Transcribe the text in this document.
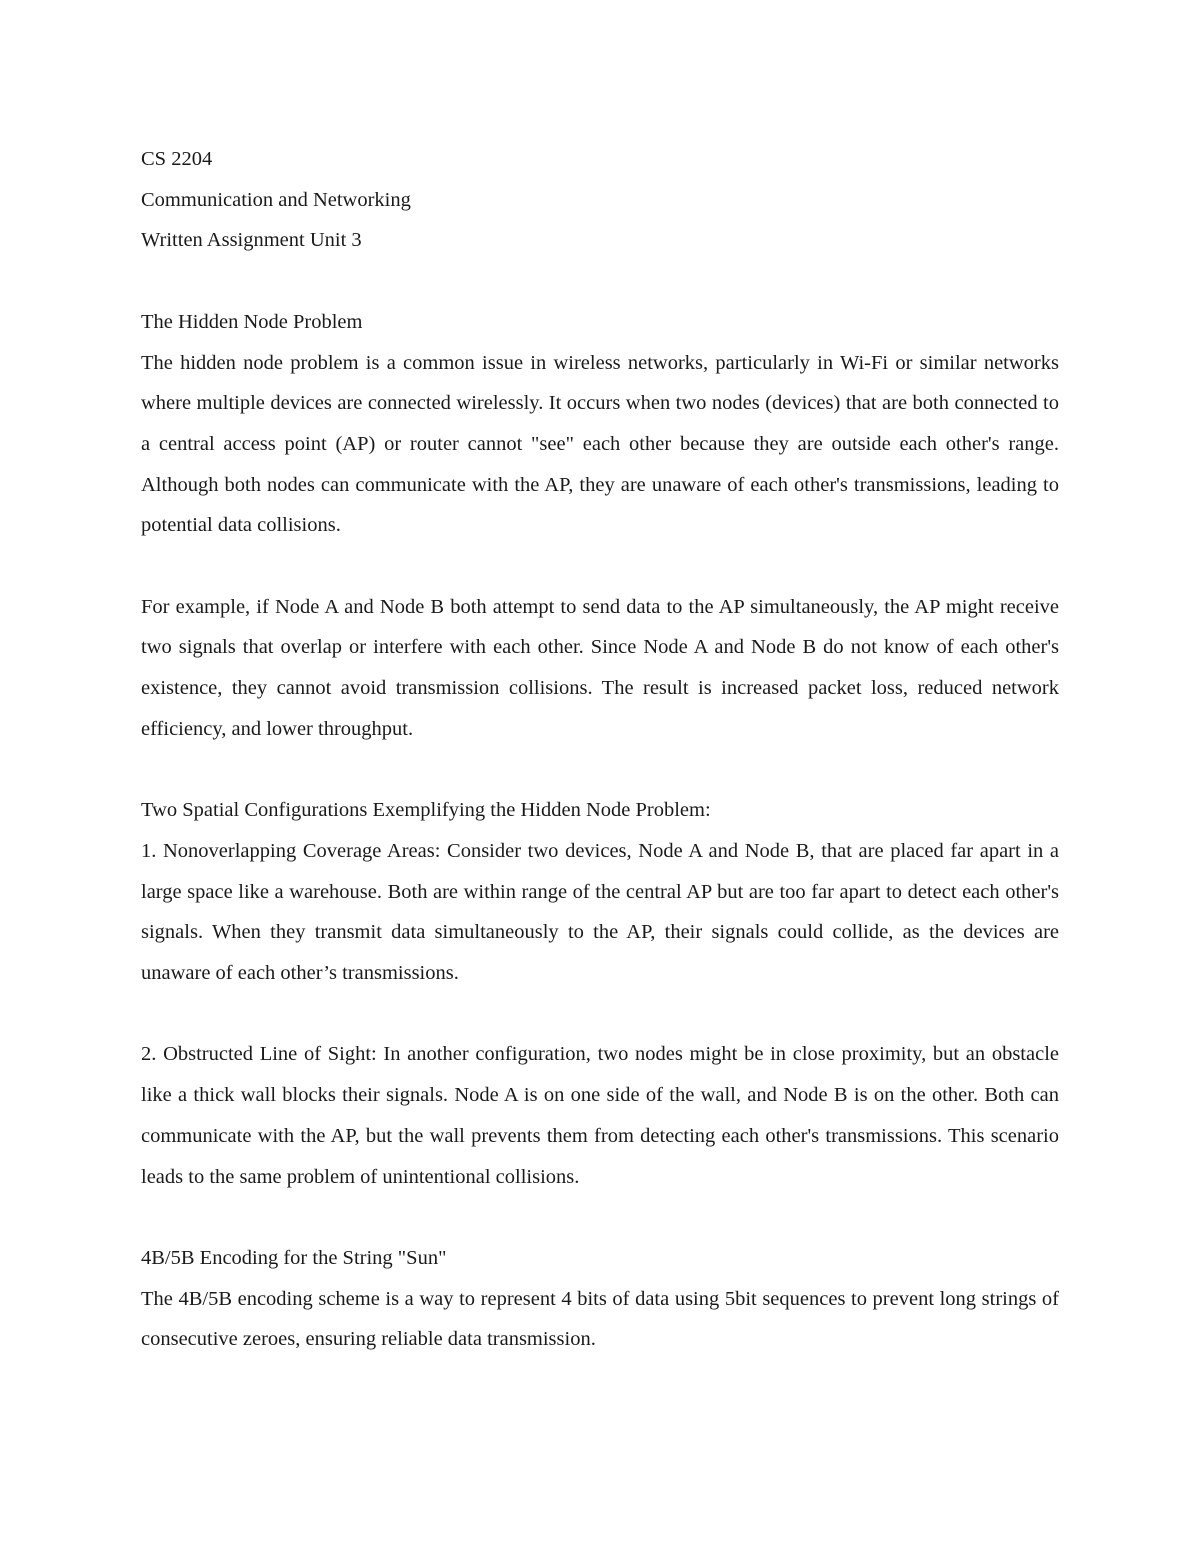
CS 2204

Communication and Networking

Written Assignment Unit 3

The Hidden Node Problem

The hidden node problem is a common issue in wireless networks, particularly in Wi-Fi or similar networks where multiple devices are connected wirelessly. It occurs when two nodes (devices) that are both connected to a central access point (AP) or router cannot "see" each other because they are outside each other's range. Although both nodes can communicate with the AP, they are unaware of each other's transmissions, leading to potential data collisions.

For example, if Node A and Node B both attempt to send data to the AP simultaneously, the AP might receive two signals that overlap or interfere with each other. Since Node A and Node B do not know of each other's existence, they cannot avoid transmission collisions. The result is increased packet loss, reduced network efficiency, and lower throughput.

Two Spatial Configurations Exemplifying the Hidden Node Problem:

1. Nonoverlapping Coverage Areas: Consider two devices, Node A and Node B, that are placed far apart in a large space like a warehouse. Both are within range of the central AP but are too far apart to detect each other's signals. When they transmit data simultaneously to the AP, their signals could collide, as the devices are unaware of each other’s transmissions.

2. Obstructed Line of Sight: In another configuration, two nodes might be in close proximity, but an obstacle like a thick wall blocks their signals. Node A is on one side of the wall, and Node B is on the other. Both can communicate with the AP, but the wall prevents them from detecting each other's transmissions. This scenario leads to the same problem of unintentional collisions.

4B/5B Encoding for the String "Sun"

The 4B/5B encoding scheme is a way to represent 4 bits of data using 5bit sequences to prevent long strings of consecutive zeroes, ensuring reliable data transmission.
